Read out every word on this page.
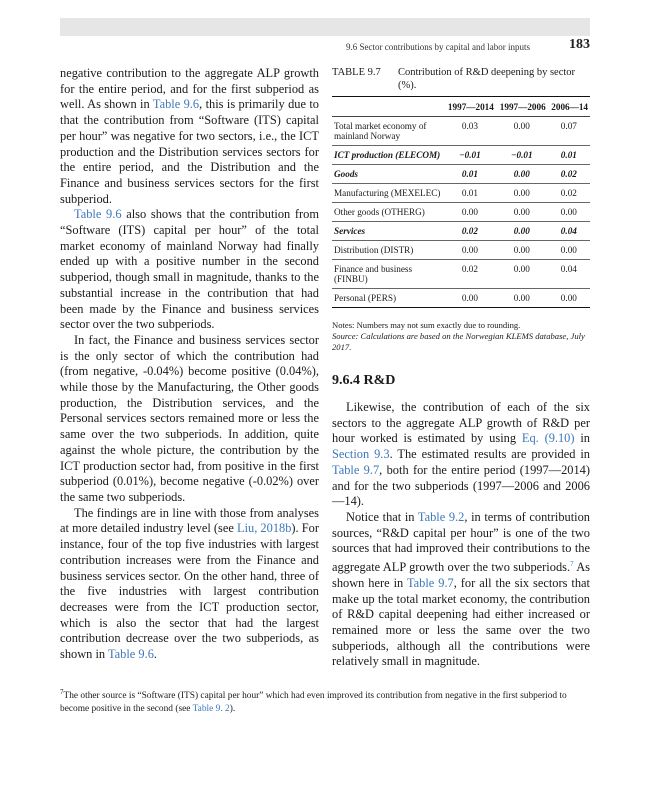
9.6 Sector contributions by capital and labor inputs	183

negative contribution to the aggregate ALP growth for the entire period, and for the first subperiod as well. As shown in Table 9.6, this is primarily due to that the contribution from “Software (ITS) capital per hour” was negative for two sectors, i.e., the ICT production and the Distribution services sectors for the entire period, and the Distribution and the Finance and business services sectors for the first subperiod.

Table 9.6 also shows that the contribution from “Software (ITS) capital per hour” of the total market economy of mainland Norway had finally ended up with a positive number in the second subperiod, though small in magnitude, thanks to the substantial increase in the contribution that had been made by the Finance and business services sector over the two subperiods.

In fact, the Finance and business services sector is the only sector of which the contribution had (from negative, -0.04%) become positive (0.04%), while those by the Manufacturing, the Other goods production, the Distribution services, and the Personal services sectors remained more or less the same over the two subperiods. In addition, quite against the whole picture, the contribution by the ICT production sector had, from positive in the first subperiod (0.01%), become negative (-0.02%) over the same two subperiods.

The findings are in line with those from analyses at more detailed industry level (see Liu, 2018b). For instance, four of the top five industries with largest contribution increases were from the Finance and business services sector. On the other hand, three of the five industries with largest contribution decreases were from the ICT production sector, which is also the sector that had the largest contribution decrease over the two subperiods, as shown in Table 9.6.

TABLE 9.7 Contribution of R&D deepening by sector (%).
	1997—2014	1997—2006	2006—14
Total market economy of mainland Norway	0.03	0.00	0.07
ICT production (ELECOM)	−0.01	−0.01	0.01
Goods	0.01	0.00	0.02
Manufacturing (MEXELEC)	0.01	0.00	0.02
Other goods (OTHERG)	0.00	0.00	0.00
Services	0.02	0.00	0.04
Distribution (DISTR)	0.00	0.00	0.00
Finance and business (FINBU)	0.02	0.00	0.04
Personal (PERS)	0.00	0.00	0.00

Notes: Numbers may not sum exactly due to rounding.

Source: Calculations are based on the Norwegian KLEMS database, July 2017.

9.6.4 R&D

Likewise, the contribution of each of the six sectors to the aggregate ALP growth of R&D per hour worked is estimated by using Eq. (9.10) in Section 9.3. The estimated results are provided in Table 9.7, both for the entire period (1997—2014) and for the two subperiods (1997—2006 and 2006—14).

Notice that in Table 9.2, in terms of contribution sources, “R&D capital per hour” is one of the two sources that had improved their contributions to the aggregate ALP growth over the two subperiods.$^7$ As shown here in Table 9.7, for all the six sectors that make up the total market economy, the contribution of R&D capital deepening had either increased or remained more or less the same over the two subperiods, although all the contributions were relatively small in magnitude.

$^7$The other source is “Software (ITS) capital per hour” which had even improved its contribution from negative in the first subperiod to become positive in the second (see Table 9. 2).
